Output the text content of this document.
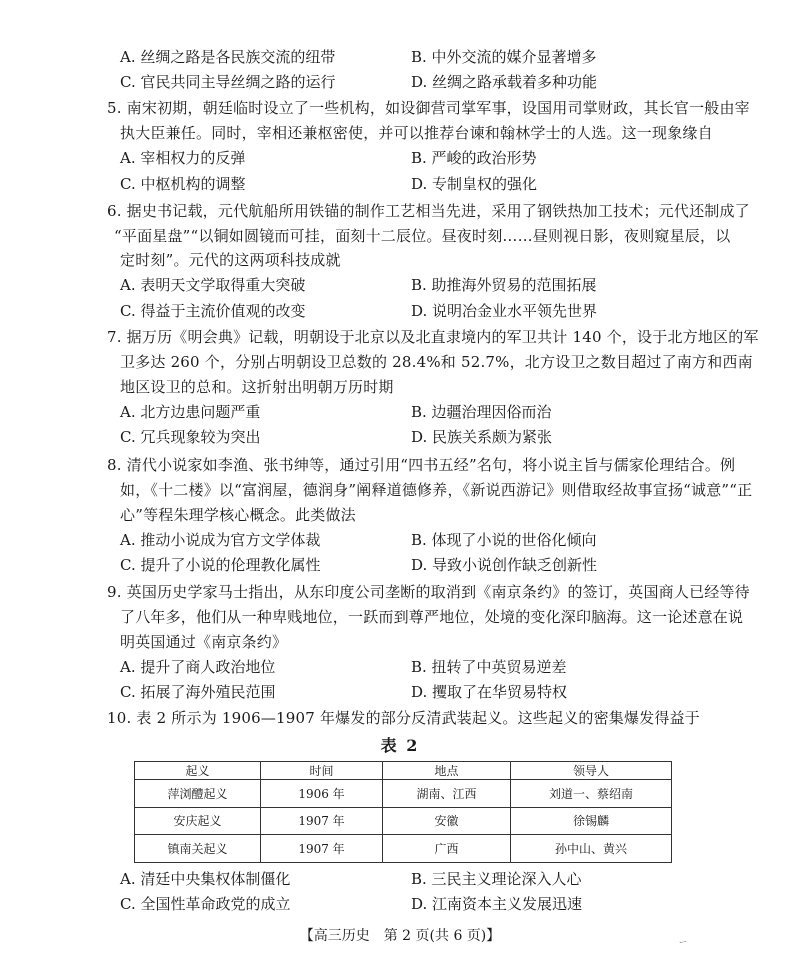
A. 丝绸之路是各民族交流的纽带	B. 中外交流的媒介显著增多
C. 官民共同主导丝绸之路的运行	D. 丝绸之路承载着多种功能
5. 南宋初期，朝廷临时设立了一些机构，如设御营司掌军事，设国用司掌财政，其长官一般由宰
执大臣兼任。同时，宰相还兼枢密使，并可以推荐台谏和翰林学士的人选。这一现象缘自
A. 宰相权力的反弹	B. 严峻的政治形势
C. 中枢机构的调整	D. 专制皇权的强化
6. 据史书记载，元代航船所用铁锚的制作工艺相当先进，采用了钢铁热加工技术；元代还制成了
“平面星盘”“以铜如圆镜而可挂，面刻十二辰位。昼夜时刻……昼则视日影，夜则窥星辰，以
定时刻”。元代的这两项科技成就
A. 表明天文学取得重大突破	B. 助推海外贸易的范围拓展
C. 得益于主流价值观的改变	D. 说明冶金业水平领先世界
7. 据万历《明会典》记载，明朝设于北京以及北直隶境内的军卫共计 140 个，设于北方地区的军
卫多达 260 个，分别占明朝设卫总数的 28.4%和 52.7%，北方设卫之数目超过了南方和西南
地区设卫的总和。这折射出明朝万历时期
A. 北方边患问题严重	B. 边疆治理因俗而治
C. 冗兵现象较为突出	D. 民族关系颇为紧张
8. 清代小说家如李渔、张书绅等，通过引用“四书五经”名句，将小说主旨与儒家伦理结合。例
如，《十二楼》以“富润屋，德润身”阐释道德修养，《新说西游记》则借取经故事宣扬“诚意”“正
心”等程朱理学核心概念。此类做法
A. 推动小说成为官方文学体裁	B. 体现了小说的世俗化倾向
C. 提升了小说的伦理教化属性	D. 导致小说创作缺乏创新性
9. 英国历史学家马士指出，从东印度公司垄断的取消到《南京条约》的签订，英国商人已经等待
了八年多，他们从一种卑贱地位，一跃而到尊严地位，处境的变化深印脑海。这一论述意在说
明英国通过《南京条约》
A. 提升了商人政治地位	B. 扭转了中英贸易逆差
C. 拓展了海外殖民范围	D. 攫取了在华贸易特权
10. 表 2 所示为 1906—1907 年爆发的部分反清武装起义。这些起义的密集爆发得益于
表 2
起义	时间	地点	领导人
萍浏醴起义	1906 年	湖南、江西	刘道一、蔡绍南
安庆起义	1907 年	安徽	徐锡麟
镇南关起义	1907 年	广西	孙中山、黄兴
A. 清廷中央集权体制僵化	B. 三民主义理论深入人心
C. 全国性革命政党的成立	D. 江南资本主义发展迅速
【高三历史　第 2 页(共 6 页)】	ㄧ
